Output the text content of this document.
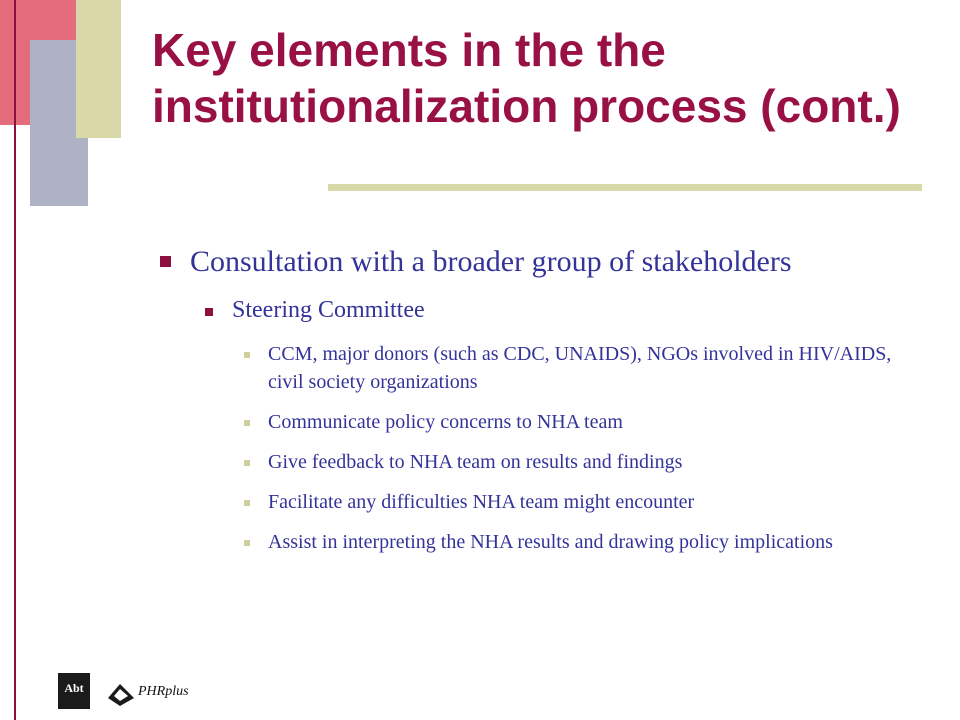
Key elements in the the institutionalization process (cont.)
Consultation with a broader group of stakeholders
Steering Committee
CCM, major donors (such as CDC, UNAIDS), NGOs involved in HIV/AIDS, civil society organizations
Communicate policy concerns to NHA team
Give feedback to NHA team on results and findings
Facilitate any difficulties NHA team might encounter
Assist in interpreting the NHA results and drawing policy implications
Abt	PHRplus
